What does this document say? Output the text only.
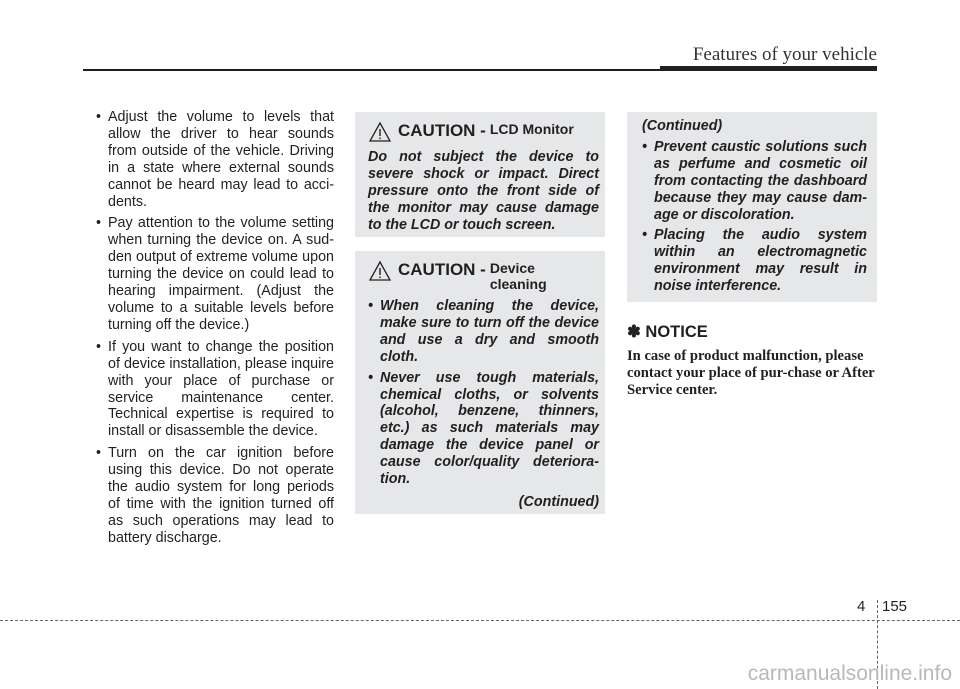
Features of your vehicle
• Adjust the volume to levels that allow the driver to hear sounds from outside of the vehicle. Driving in a state where external sounds cannot be heard may lead to acci-dents.
• Pay attention to the volume setting when turning the device on. A sud-den output of extreme volume upon turning the device on could lead to hearing impairment. (Adjust the volume to a suitable levels before turning off the device.)
• If you want to change the position of device installation, please inquire with your place of purchase or service maintenance center. Technical expertise is required to install or disassemble the device.
• Turn on the car ignition before using this device. Do not operate the audio system for long periods of time with the ignition turned off as such operations may lead to battery discharge.
CAUTION - LCD Monitor
Do not subject the device to severe shock or impact. Direct pressure onto the front side of the monitor may cause damage to the LCD or touch screen.
CAUTION - Device cleaning
• When cleaning the device, make sure to turn off the device and use a dry and smooth cloth.
• Never use tough materials, chemical cloths, or solvents (alcohol, benzene, thinners, etc.) as such materials may damage the device panel or cause color/quality deteriora-tion.
(Continued)
(Continued)
• Prevent caustic solutions such as perfume and cosmetic oil from contacting the dashboard because they may cause dam-age or discoloration.
• Placing the audio system within an electromagnetic environment may result in noise interference.
✽ NOTICE
In case of product malfunction, please contact your place of pur-chase or After Service center.
4 155
carmanualsonline.info
